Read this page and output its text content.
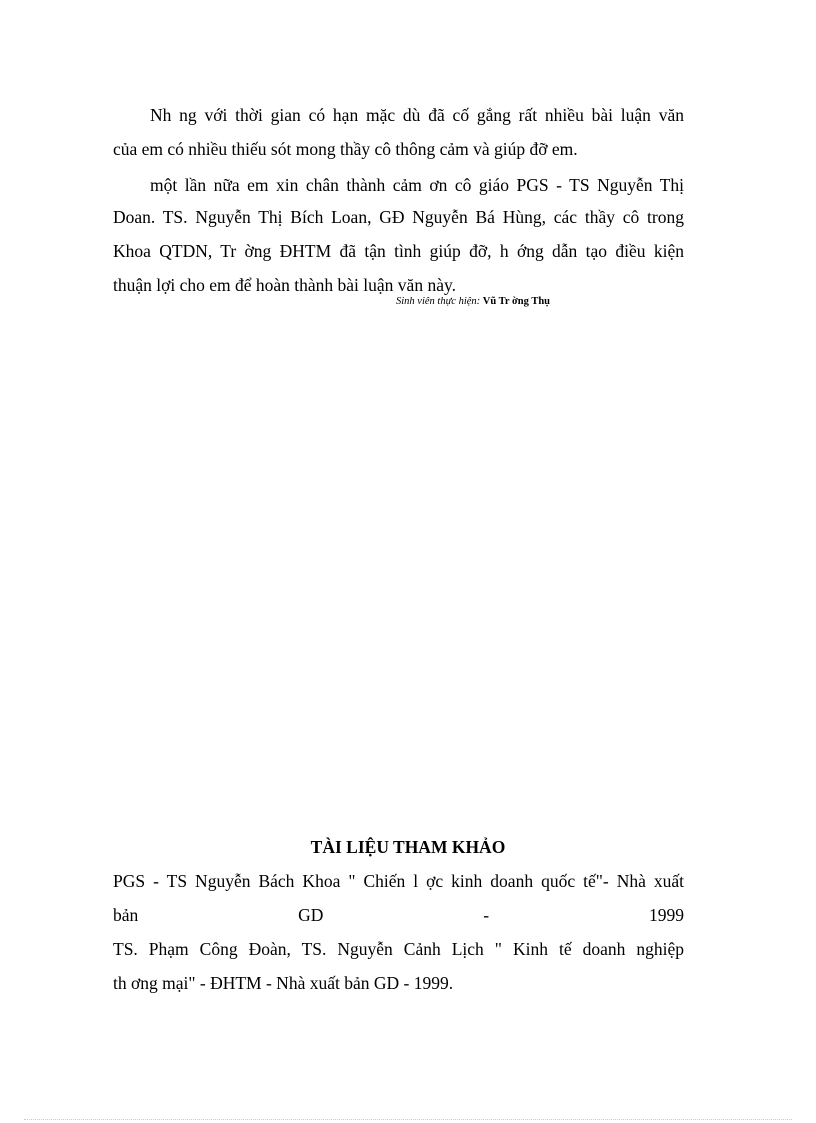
Nh ng với thời gian có hạn mặc dù đã cố gắng rất nhiều bài luận văn
của em có nhiều thiếu sót mong thầy cô thông cảm và giúp đỡ em.
một lần nữa em xin chân thành cảm ơn cô giáo PGS - TS Nguyễn Thị
Doan. TS. Nguyễn Thị Bích Loan, GĐ Nguyễn Bá Hùng, các thầy cô trong
Khoa QTDN, Tr ờng ĐHTM đã tận tình giúp đỡ, h ớng dẫn tạo điều kiện
thuận lợi cho em để hoàn thành bài luận văn này.
Sinh viên thực hiện: Vũ Tr ờng Thụ
TÀI LIỆU THAM KHẢO
PGS - TS Nguyễn Bách Khoa " Chiến l ợc kinh doanh quốc tế"- Nhà xuất
bản GD - 1999
TS. Phạm Công Đoàn, TS. Nguyễn Cảnh Lịch " Kinh tế doanh nghiệp
th ơng mại" - ĐHTM - Nhà xuất bản GD - 1999.
